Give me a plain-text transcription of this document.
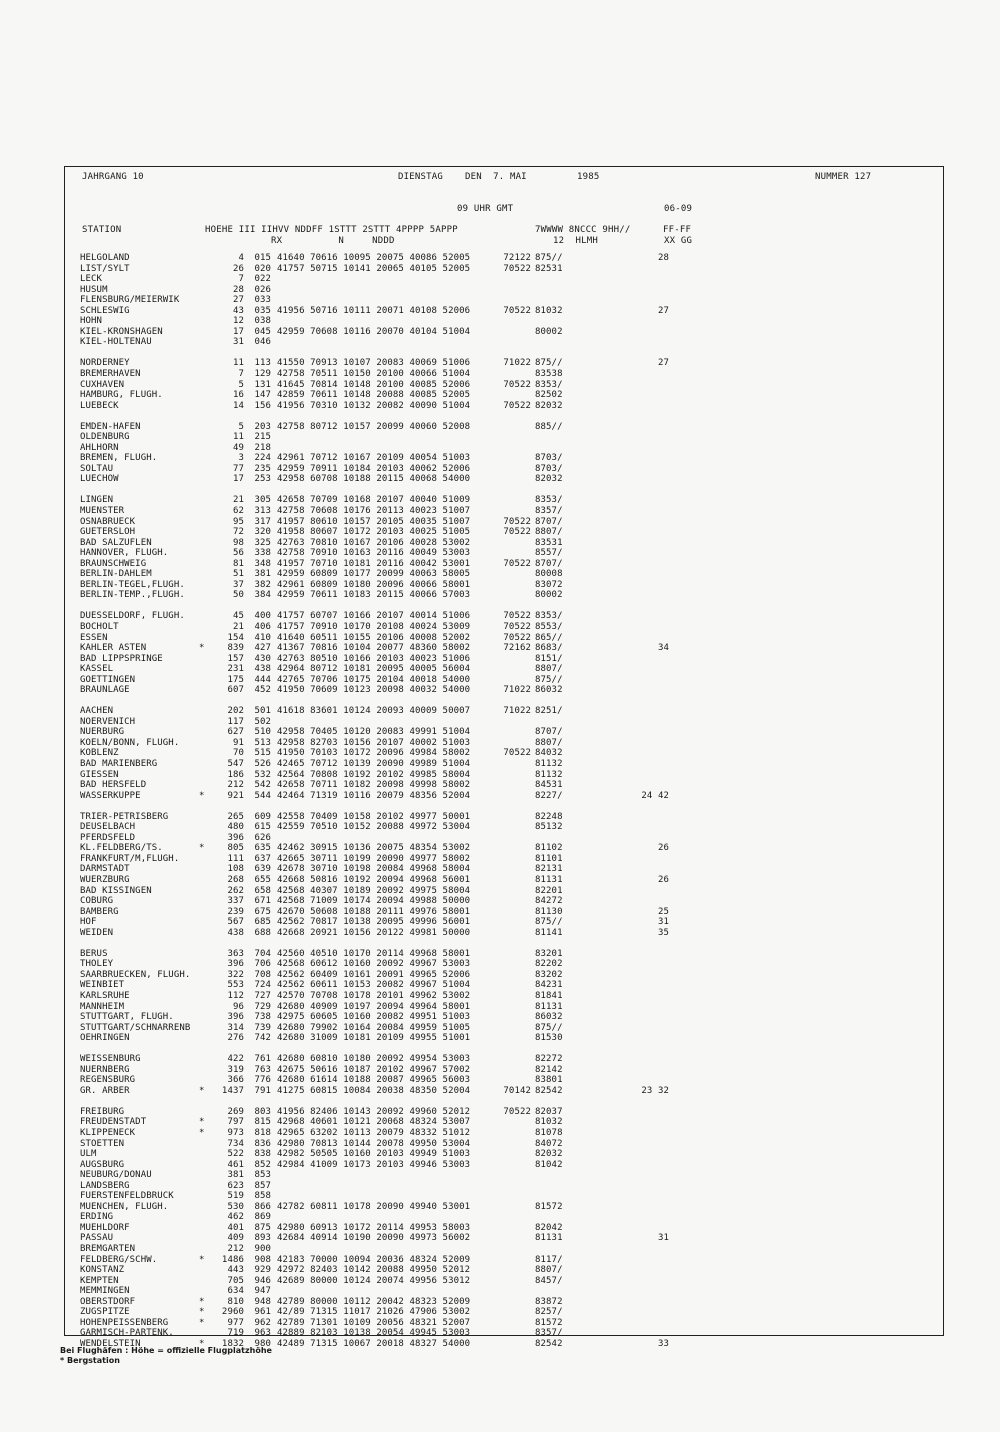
JAHRGANG 10	DIENSTAG DEN  7. MAI	1985	NUMMER 127
09 UHR GMT	06-09
STATION	HOEHE III IIHVV NDDFF 1STTT 2STTT 4PPPP 5APPP	7WWWW 8NCCC 9HH//	FF-FF
RX          N     NDDD	12  HLMH	XX GG
HELGOLAND	4 015 41640 70616 10095 20075 40086 52005	72122 875//	28
LIST/SYLT	26 020 41757 50715 10141 20065 40105 52005	70522 82531
LECK	7 022
HUSUM	28 026
FLENSBURG/MEIERWIK	27 033
SCHLESWIG	43 035 41956 50716 10111 20071 40108 52006	70522 81032	27
HOHN	12 038
KIEL-KRONSHAGEN	17 045 42959 70608 10116 20070 40104 51004	80002
KIEL-HOLTENAU	31 046
NORDERNEY	11 113 41550 70913 10107 20083 40069 51006	71022 875//	27
BREMERHAVEN	7 129 42758 70511 10150 20100 40066 51004	83538
CUXHAVEN	5 131 41645 70814 10148 20100 40085 52006	70522 8353/
HAMBURG, FLUGH.	16 147 42859 70611 10148 20088 40085 52005	82502
LUEBECK	14 156 41956 70310 10132 20082 40090 51004	70522 82032
EMDEN-HAFEN	5 203 42758 80712 10157 20099 40060 52008	885//
OLDENBURG	11 215
AHLHORN	49 218
BREMEN, FLUGH.	3 224 42961 70712 10167 20109 40054 51003	8703/
SOLTAU	77 235 42959 70911 10184 20103 40062 52006	8703/
LUECHOW	17 253 42958 60708 10188 20115 40068 54000	82032
LINGEN	21 305 42658 70709 10168 20107 40040 51009	8353/
MUENSTER	62 313 42758 70608 10176 20113 40023 51007	8357/
OSNABRUECK	95 317 41957 80610 10157 20105 40035 51007	70522 8707/
GUETERSLOH	72 320 41958 80607 10172 20103 40025 51005	70522 8807/
BAD SALZUFLEN	98 325 42763 70810 10167 20106 40028 53002	83531
HANNOVER, FLUGH.	56 338 42758 70910 10163 20116 40049 53003	8557/
BRAUNSCHWEIG	81 348 41957 70710 10181 20116 40042 53001	70522 8707/
BERLIN-DAHLEM	51 381 42959 60809 10177 20099 40063 58005	80008
BERLIN-TEGEL,FLUGH.	37 382 42961 60809 10180 20096 40066 58001	83072
BERLIN-TEMP.,FLUGH.	50 384 42959 70611 10183 20115 40066 57003	80002
DUESSELDORF, FLUGH.	45 400 41757 60707 10166 20107 40014 51006	70522 8353/
BOCHOLT	21 406 41757 70910 10170 20108 40024 53009	70522 8553/
ESSEN	154 410 41640 60511 10155 20106 40008 52002	70522 865//
KAHLER ASTEN	*	839 427 41367 70816 10104 20077 48360 58002	72162 8683/	34
BAD LIPPSPRINGE	157 430 42763 80510 10166 20103 40023 51006	8151/
KASSEL	231 438 42964 80712 10181 20095 40005 56004	8807/
GOETTINGEN	175 444 42765 70706 10175 20104 40018 54000	875//
BRAUNLAGE	607 452 41950 70609 10123 20098 40032 54000	71022 86032
AACHEN	202 501 41618 83601 10124 20093 40009 50007	71022 8251/
NOERVENICH	117 502
NUERBURG	627 510 42958 70405 10120 20083 49991 51004	8707/
KOELN/BONN, FLUGH.	91 513 42958 82703 10156 20107 40002 51003	8807/
KOBLENZ	70 515 41950 70103 10172 20096 49984 58002	70522 84032
BAD MARIENBERG	547 526 42465 70712 10139 20090 49989 51004	81132
GIESSEN	186 532 42564 70808 10192 20102 49985 58004	81132
BAD HERSFELD	212 542 42658 70711 10182 20098 49998 58002	84531
WASSERKUPPE	*	921 544 42464 71319 10116 20079 48356 52004	8227/	24 42
TRIER-PETRISBERG	265 609 42558 70409 10158 20102 49977 50001	82248
DEUSELBACH	480 615 42559 70510 10152 20088 49972 53004	85132
PFERDSFELD	396 626
KL.FELDBERG/TS.	*	805 635 42462 30915 10136 20075 48354 53002	81102	26
FRANKFURT/M,FLUGH.	111 637 42665 30711 10199 20090 49977 58002	81101
DARMSTADT	108 639 42678 30710 10198 20084 49968 58004	82131
WUERZBURG	268 655 42668 50816 10192 20094 49968 56001	81131	26
BAD KISSINGEN	262 658 42568 40307 10189 20092 49975 58004	82201
COBURG	337 671 42568 71009 10174 20094 49988 50000	84272
BAMBERG	239 675 42670 50608 10188 20111 49976 58001	81130	25
HOF	567 685 42562 70817 10138 20095 49996 56001	875//	31
WEIDEN	438 688 42668 20921 10156 20122 49981 50000	81141	35
BERUS	363 704 42560 40510 10170 20114 49968 58001	83201
THOLEY	396 706 42568 60612 10160 20092 49967 53003	82202
SAARBRUECKEN, FLUGH.	322 708 42562 60409 10161 20091 49965 52006	83202
WEINBIET	553 724 42562 60611 10153 20082 49967 51004	84231
KARLSRUHE	112 727 42570 70708 10178 20101 49962 53002	81841
MANNHEIM	96 729 42680 40909 10197 20094 49964 58001	81131
STUTTGART, FLUGH.	396 738 42975 60605 10160 20082 49951 51003	86032
STUTTGART/SCHNARRENB	314 739 42680 79902 10164 20084 49959 51005	875//
OEHRINGEN	276 742 42680 31009 10181 20109 49955 51001	81530
WEISSENBURG	422 761 42680 60810 10180 20092 49954 53003	82272
NUERNBERG	319 763 42675 50616 10187 20102 49967 57002	82142
REGENSBURG	366 776 42680 61614 10188 20087 49965 56003	83801
GR. ARBER	* 1437 791 41275 60815 10084 20038 48350 52004	70142 82542	23 32
FREIBURG	269 803 41956 82406 10143 20092 49960 52012	70522 82037
FREUDENSTADT	*	797 815 42968 40601 10121 20068 48324 53007	81032
KLIPPENECK	*	973 818 42965 63202 10113 20079 48332 51012	81078
STOETTEN	734 836 42980 70813 10144 20078 49950 53004	84072
ULM	522 838 42982 50505 10160 20103 49949 51003	82032
AUGSBURG	461 852 42984 41009 10173 20103 49946 53003	81042
NEUBURG/DONAU	381 853
LANDSBERG	623 857
FUERSTENFELDBRUCK	519 858
MUENCHEN, FLUGH.	530 866 42782 60811 10178 20090 49940 53001	81572
ERDING	462 869
MUEHLDORF	401 875 42980 60913 10172 20114 49953 58003	82042
PASSAU	409 893 42684 40914 10190 20090 49973 56002	81131	31
BREMGARTEN	212 900
FELDBERG/SCHW.	* 1486 908 42183 70000 10094 20036 48324 52009	8117/
KONSTANZ	443 929 42972 82403 10142 20088 49950 52012	8807/
KEMPTEN	705 946 42689 80000 10124 20074 49956 53012	8457/
MEMMINGEN	634 947
OBERSTDORF	*	810 948 42789 80000 10112 20042 48323 52009	83872
ZUGSPITZE	* 2960 961 42/89 71315 11017 21026 47906 53002	8257/
HOHENPEISSENBERG	*	977 962 42789 71301 10109 20056 48321 52007	81572
GARMISCH-PARTENK.	719 963 42889 82103 10138 20054 49945 53003	8357/
WENDELSTEIN	* 1832 980 42489 71315 10067 20018 48327 54000	82542	33
Bei Flughäfen : Höhe = offizielle Flugplatzhöhe
* Bergstation
